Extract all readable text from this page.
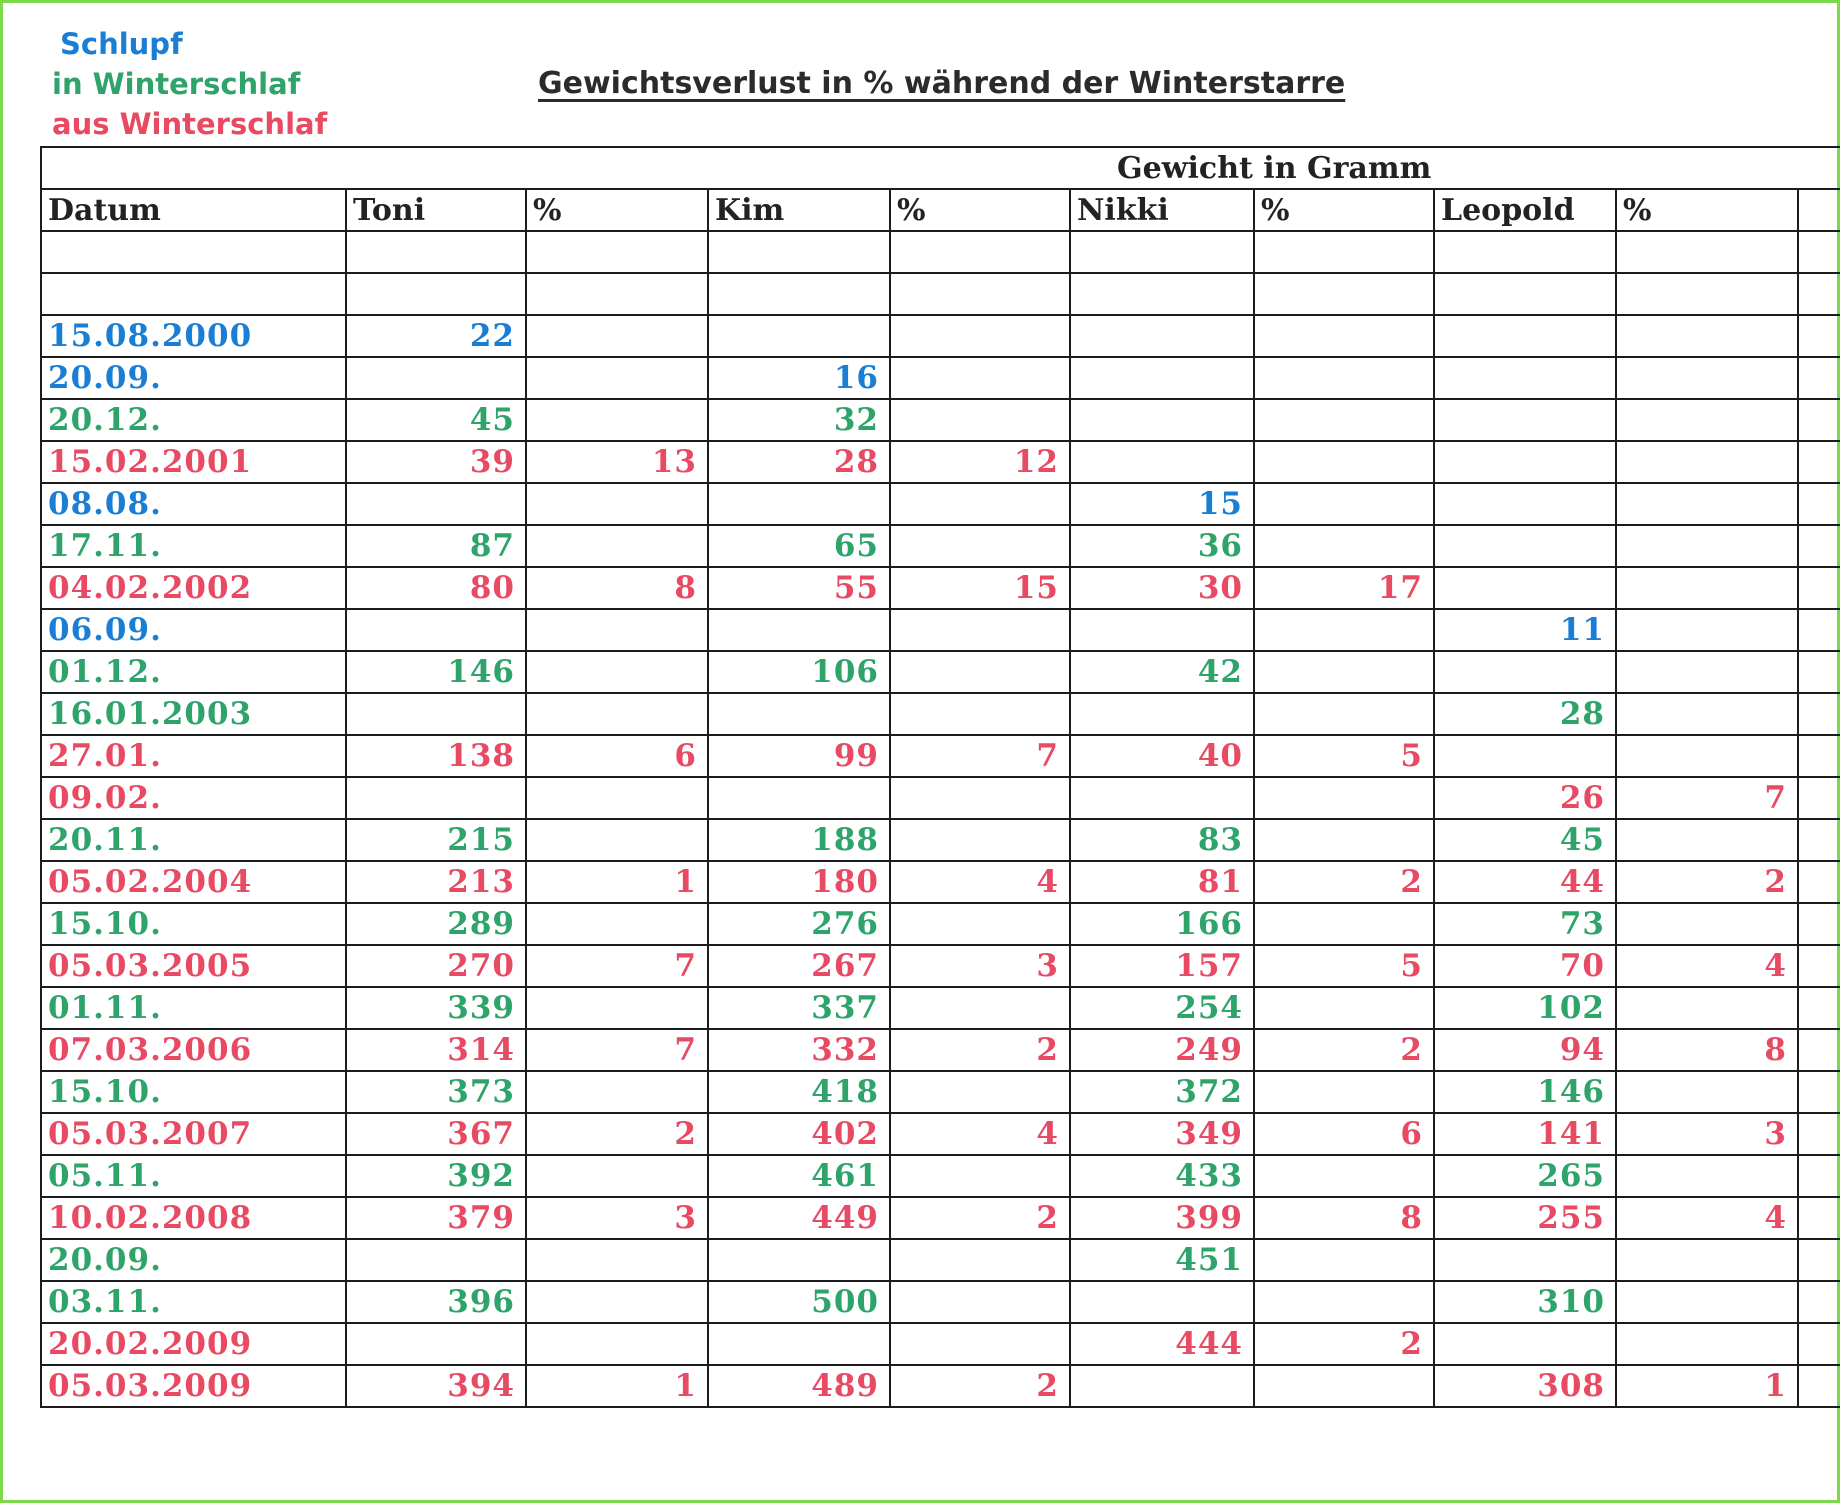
Schlupf
in Winterschlaf
aus Winterschlaf
Gewichtsverlust in % während der Winterstarre
Gewicht in Gramm									
Datum	Toni	%	Kim	%	Nikki	%	Leopold	%	

15.08.2000	22								
20.09.			16						
20.12.	45		32						
15.02.2001	39	13	28	12					
08.08.					15				
17.11.	87		65		36				
04.02.2002	80	8	55	15	30	17			
06.09.							11		
01.12.	146		106		42				
16.01.2003							28		
27.01.	138	6	99	7	40	5			
09.02.							26	7	
20.11.	215		188		83		45		
05.02.2004	213	1	180	4	81	2	44	2	
15.10.	289		276		166		73		
05.03.2005	270	7	267	3	157	5	70	4	
01.11.	339		337		254		102		
07.03.2006	314	7	332	2	249	2	94	8	
15.10.	373		418		372		146		
05.03.2007	367	2	402	4	349	6	141	3	
05.11.	392		461		433		265		
10.02.2008	379	3	449	2	399	8	255	4	
20.09.					451				
03.11.	396		500				310		
20.02.2009					444	2			
05.03.2009	394	1	489	2			308	1	
